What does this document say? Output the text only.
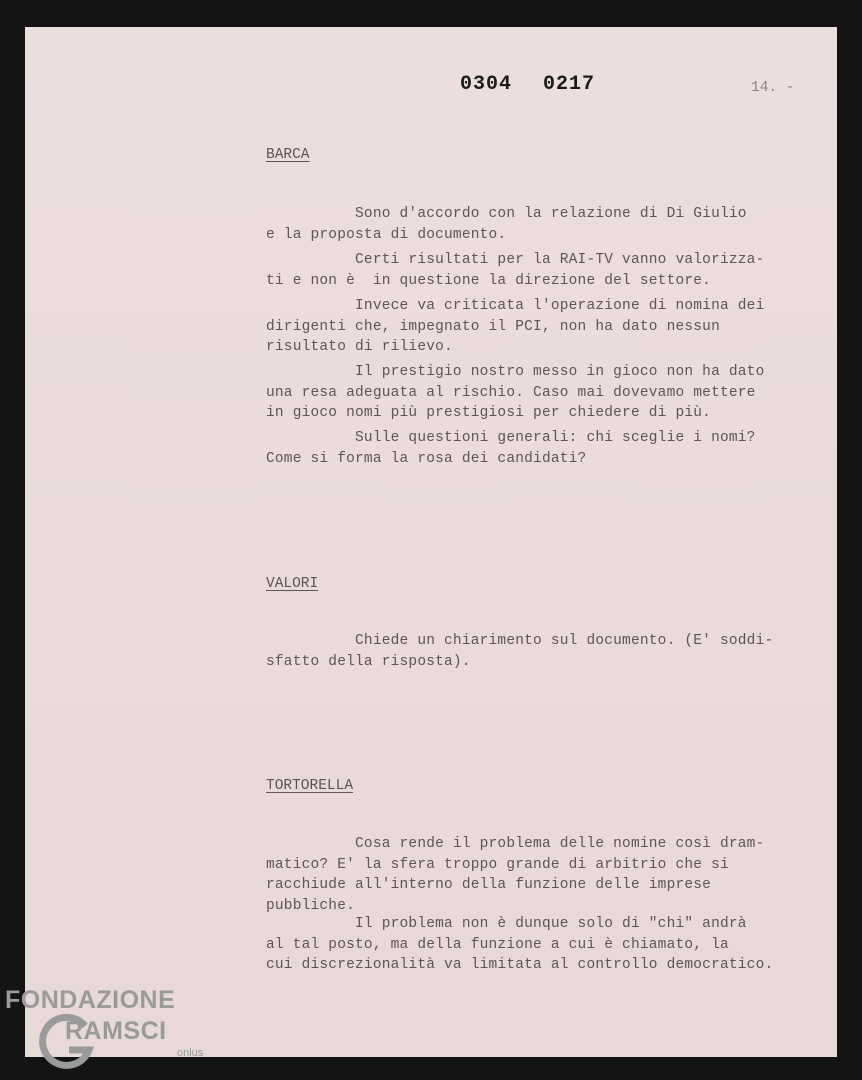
0304 0217	14. -
BARCA
Sono d'accordo con la relazione di Di Giulio
e la proposta di documento.
Certi risultati per la RAI-TV vanno valorizza-
ti e non è  in questione la direzione del settore.
Invece va criticata l'operazione di nomina dei
dirigenti che, impegnato il PCI, non ha dato nessun
risultato di rilievo.
Il prestigio nostro messo in gioco non ha dato
una resa adeguata al rischio. Caso mai dovevamo mettere
in gioco nomi più prestigiosi per chiedere di più.
Sulle questioni generali: chi sceglie i nomi?
Come si forma la rosa dei candidati?
VALORI
Chiede un chiarimento sul documento. (E' soddi-
sfatto della risposta).
TORTORELLA
Cosa rende il problema delle nomine così dram-
matico? E' la sfera troppo grande di arbitrio che si
racchiude all'interno della funzione delle imprese
pubbliche.
Il problema non è dunque solo di "chi" andrà
al tal posto, ma della funzione a cui è chiamato, la
cui discrezionalità va limitata al controllo democratico.
FONDAZIONE
RAMSCI
onlus
